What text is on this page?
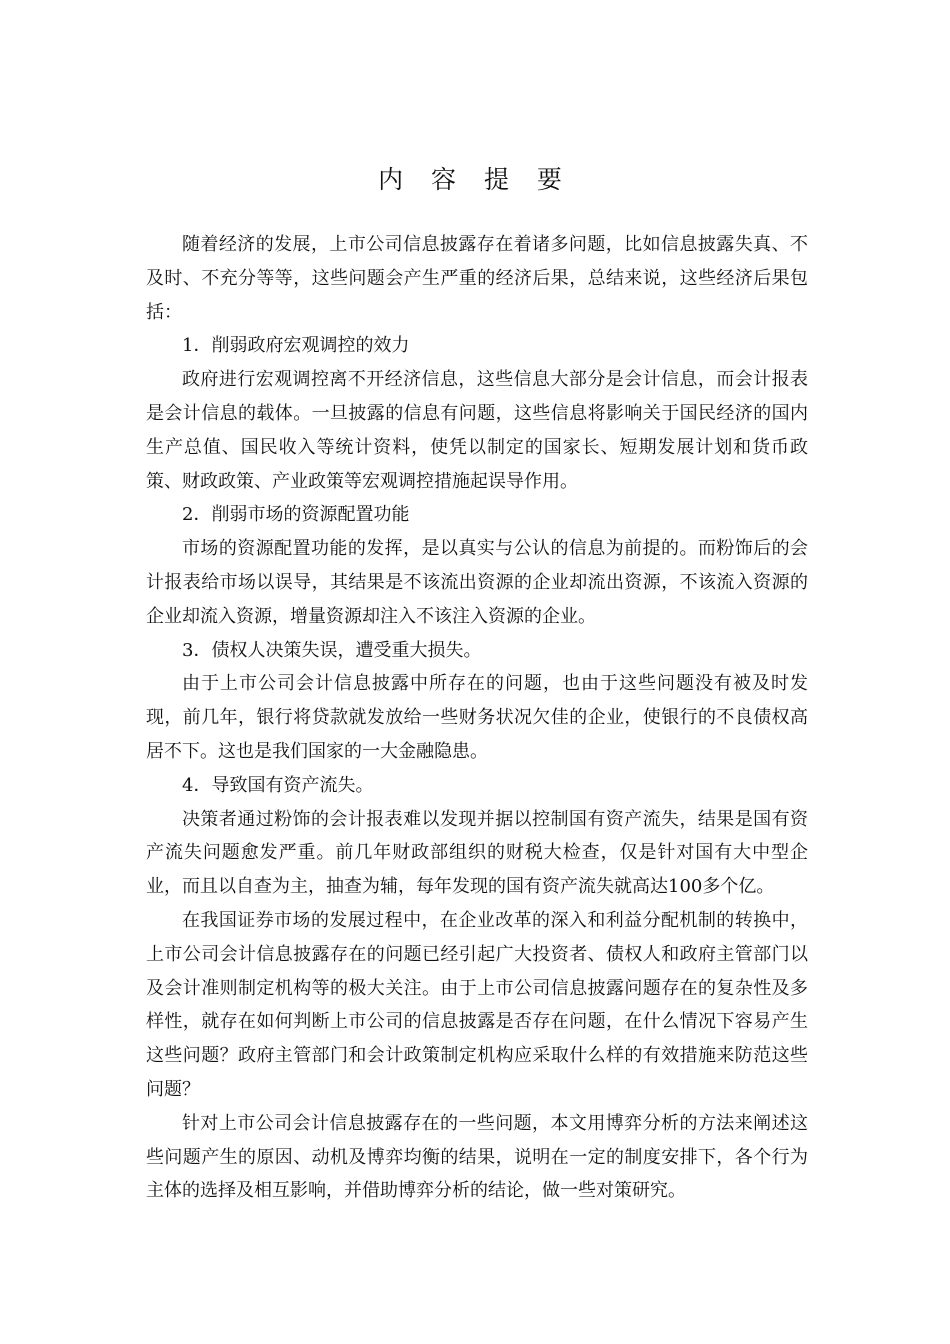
内 容 提 要

随着经济的发展，上市公司信息披露存在着诸多问题，比如信息披露失真、不及时、不充分等等，这些问题会产生严重的经济后果，总结来说，这些经济后果包括：

1．削弱政府宏观调控的效力

政府进行宏观调控离不开经济信息，这些信息大部分是会计信息，而会计报表是会计信息的载体。一旦披露的信息有问题，这些信息将影响关于国民经济的国内生产总值、国民收入等统计资料，使凭以制定的国家长、短期发展计划和货币政策、财政政策、产业政策等宏观调控措施起误导作用。

2．削弱市场的资源配置功能

市场的资源配置功能的发挥，是以真实与公认的信息为前提的。而粉饰后的会计报表给市场以误导，其结果是不该流出资源的企业却流出资源，不该流入资源的企业却流入资源，增量资源却注入不该注入资源的企业。

3．债权人决策失误，遭受重大损失。

由于上市公司会计信息披露中所存在的问题，也由于这些问题没有被及时发现，前几年，银行将贷款就发放给一些财务状况欠佳的企业，使银行的不良债权高居不下。这也是我们国家的一大金融隐患。

4．导致国有资产流失。

决策者通过粉饰的会计报表难以发现并据以控制国有资产流失，结果是国有资产流失问题愈发严重。前几年财政部组织的财税大检查，仅是针对国有大中型企业，而且以自查为主，抽查为辅，每年发现的国有资产流失就高达100多个亿。

在我国证券市场的发展过程中，在企业改革的深入和利益分配机制的转换中，上市公司会计信息披露存在的问题已经引起广大投资者、债权人和政府主管部门以及会计准则制定机构等的极大关注。由于上市公司信息披露问题存在的复杂性及多样性，就存在如何判断上市公司的信息披露是否存在问题，在什么情况下容易产生这些问题？政府主管部门和会计政策制定机构应采取什么样的有效措施来防范这些问题？

针对上市公司会计信息披露存在的一些问题，本文用博弈分析的方法来阐述这些问题产生的原因、动机及博弈均衡的结果，说明在一定的制度安排下，各个行为主体的选择及相互影响，并借助博弈分析的结论，做一些对策研究。
